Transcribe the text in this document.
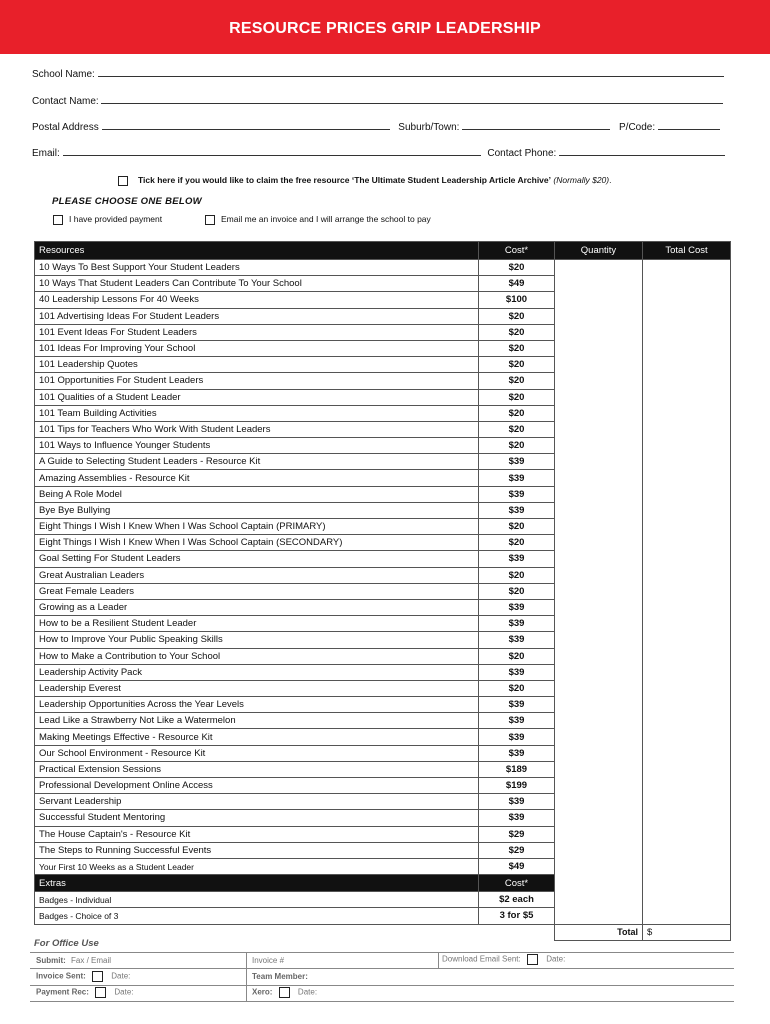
RESOURCE PRICES GRIP LEADERSHIP
School Name:
Contact Name:
Postal Address	Suburb/Town:	P/Code:
Email:	Contact Phone:
Tick here if you would like to claim the free resource ‘The Ultimate Student Leadership Article Archive’ (Normally $20).
PLEASE CHOOSE ONE BELOW
I have provided payment	Email me an invoice and I will arrange the school to pay
Resources	Cost*	Quantity	Total Cost
10 Ways To Best Support Your Student Leaders	$20		
10 Ways That Student Leaders Can Contribute To Your School	$49		
40 Leadership Lessons For 40 Weeks	$100		
101 Advertising Ideas For Student Leaders	$20		
101 Event Ideas For Student Leaders	$20		
101 Ideas For Improving Your School	$20		
101 Leadership Quotes	$20		
101 Opportunities For Student Leaders	$20		
101 Qualities of a Student Leader	$20		
101 Team Building Activities	$20		
101 Tips for Teachers Who Work With Student Leaders	$20		
101 Ways to Influence Younger Students	$20		
A Guide to Selecting Student Leaders - Resource Kit	$39		
Amazing Assemblies - Resource Kit	$39		
Being A Role Model	$39		
Bye Bye Bullying	$39		
Eight Things I Wish I Knew When I Was School Captain (PRIMARY)	$20		
Eight Things I Wish I Knew When I Was School Captain (SECONDARY)	$20		
Goal Setting For Student Leaders	$39		
Great Australian Leaders	$20		
Great Female Leaders	$20		
Growing as a Leader	$39		
How to be a Resilient Student Leader	$39		
How to Improve Your Public Speaking Skills	$39		
How to Make a Contribution to Your School	$20		
Leadership Activity Pack	$39		
Leadership Everest	$20		
Leadership Opportunities Across the Year Levels	$39		
Lead Like a Strawberry Not Like a Watermelon	$39		
Making Meetings Effective - Resource Kit	$39		
Our School Environment - Resource Kit	$39		
Practical Extension Sessions	$189		
Professional Development Online Access	$199		
Servant Leadership	$39		
Successful Student Mentoring	$39		
The House Captain's - Resource Kit	$29		
The Steps to Running Successful Events	$29		
Your First 10 Weeks as a Student Leader	$49		
Extras	Cost*		
Badges - Individual	$2 each		
Badges - Choice of 3	3 for $5		
		Total	$
For Office Use
Submit: Fax / Email	Invoice #	Download Email Sent:	Date:
Invoice Sent:	Date:	Team Member:
Payment Rec:	Date:	Xero:	Date:
